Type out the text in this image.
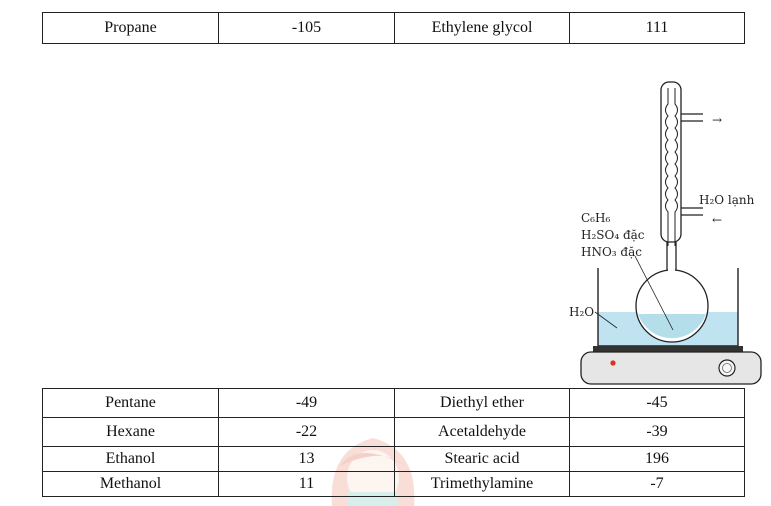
Propane	-105	Ethylene glycol	111
→
←
H₂O lạnh
C₆H₆
H₂SO₄ đặc
HNO₃ đặc
H₂O
Pentane	-49	Diethyl ether	-45
Hexane	-22	Acetaldehyde	-39
Ethanol	13	Stearic acid	196
Methanol	11	Trimethylamine	-7
